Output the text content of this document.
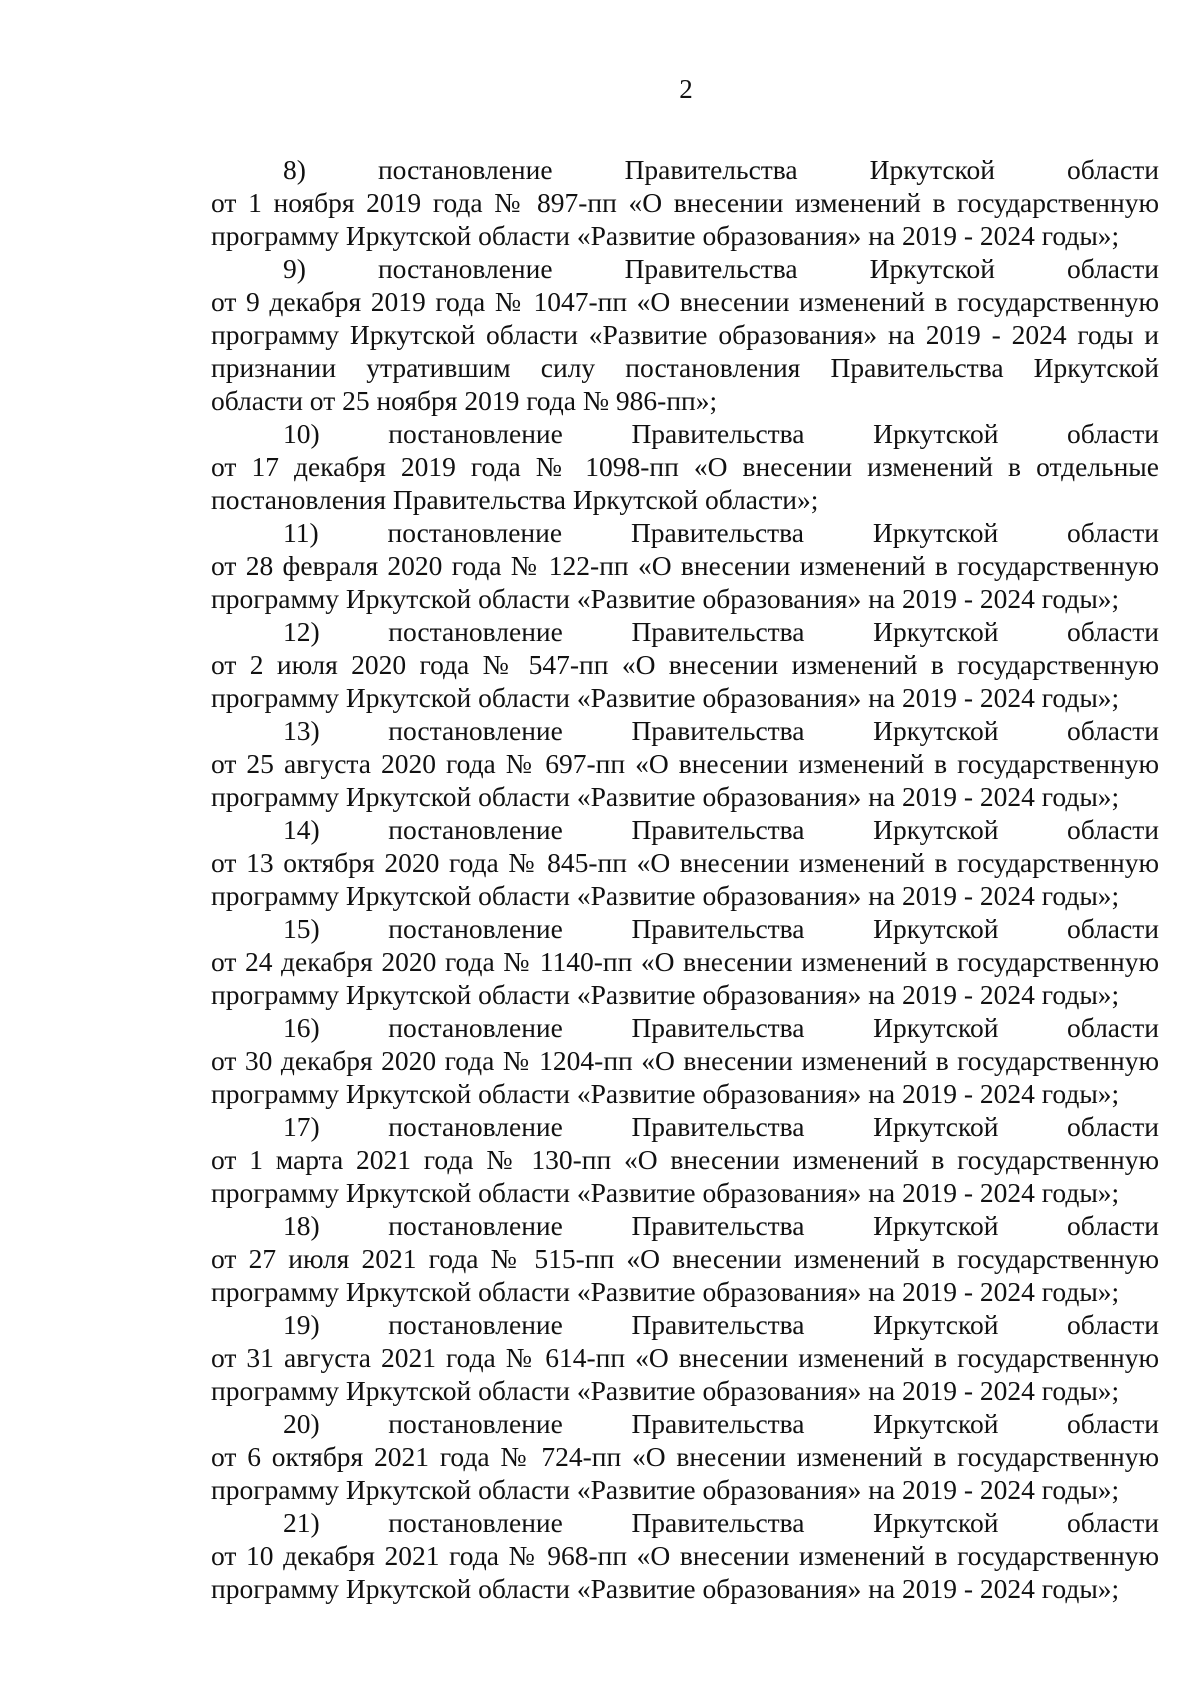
2
8)	постановление	Правительства	Иркутской	области
от 1 ноября 2019 года № 897-пп «О внесении изменений в государственную
программу Иркутской области «Развитие образования» на 2019 - 2024 годы»;
9)	постановление	Правительства	Иркутской	области
от 9 декабря 2019 года № 1047-пп «О внесении изменений в государственную
программу Иркутской области «Развитие образования» на 2019 - 2024 годы и
признании утратившим силу постановления Правительства Иркутской
области от 25 ноября 2019 года № 986-пп»;
10) постановление Правительства Иркутской области
от 17 декабря 2019 года № 1098-пп «О внесении изменений в отдельные
постановления Правительства Иркутской области»;
11)	постановление	Правительства	Иркутской	области
от 28 февраля 2020 года № 122-пп «О внесении изменений в государственную
программу Иркутской области «Развитие образования» на 2019 - 2024 годы»;
12) постановление Правительства Иркутской области
от 2 июля 2020 года № 547-пп «О внесении изменений в государственную
программу Иркутской области «Развитие образования» на 2019 - 2024 годы»;
13) постановление Правительства Иркутской области
от 25 августа 2020 года № 697-пп «О внесении изменений в государственную
программу Иркутской области «Развитие образования» на 2019 - 2024 годы»;
14) постановление Правительства Иркутской области
от 13 октября 2020 года № 845-пп «О внесении изменений в государственную
программу Иркутской области «Развитие образования» на 2019 - 2024 годы»;
15) постановление Правительства Иркутской области
от 24 декабря 2020 года № 1140-пп «О внесении изменений в государственную
программу Иркутской области «Развитие образования» на 2019 - 2024 годы»;
16) постановление Правительства Иркутской области
от 30 декабря 2020 года № 1204-пп «О внесении изменений в государственную
программу Иркутской области «Развитие образования» на 2019 - 2024 годы»;
17) постановление Правительства Иркутской области
от 1 марта 2021 года № 130-пп «О внесении изменений в государственную
программу Иркутской области «Развитие образования» на 2019 - 2024 годы»;
18) постановление Правительства Иркутской области
от 27 июля 2021 года № 515-пп «О внесении изменений в государственную
программу Иркутской области «Развитие образования» на 2019 - 2024 годы»;
19) постановление Правительства Иркутской области
от 31 августа 2021 года № 614-пп «О внесении изменений в государственную
программу Иркутской области «Развитие образования» на 2019 - 2024 годы»;
20) постановление Правительства Иркутской области
от 6 октября 2021 года № 724-пп «О внесении изменений в государственную
программу Иркутской области «Развитие образования» на 2019 - 2024 годы»;
21) постановление Правительства Иркутской области
от 10 декабря 2021 года № 968-пп «О внесении изменений в государственную
программу Иркутской области «Развитие образования» на 2019 - 2024 годы»;
